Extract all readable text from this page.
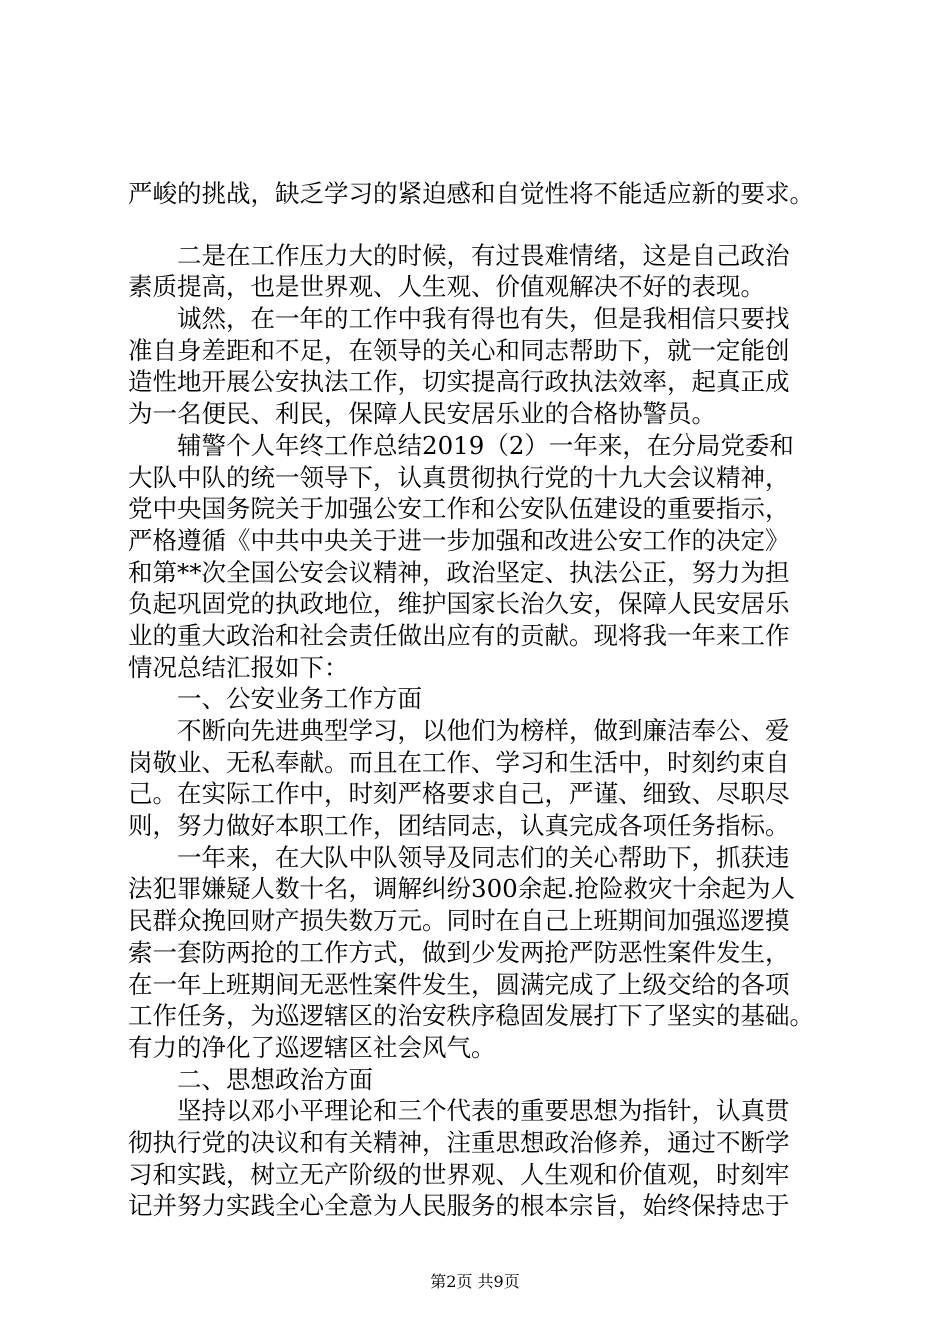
严峻的挑战，缺乏学习的紧迫感和自觉性将不能适应新的要求。
二是在工作压力大的时候，有过畏难情绪，这是自己政治
素质提高，也是世界观、人生观、价值观解决不好的表现。
诚然，在一年的工作中我有得也有失，但是我相信只要找
准自身差距和不足，在领导的关心和同志帮助下，就一定能创
造性地开展公安执法工作，切实提高行政执法效率，起真正成
为一名便民、利民，保障人民安居乐业的合格协警员。
辅警个人年终工作总结2019（2）一年来，在分局党委和
大队中队的统一领导下，认真贯彻执行党的十九大会议精神，
党中央国务院关于加强公安工作和公安队伍建设的重要指示，
严格遵循《中共中央关于进一步加强和改进公安工作的决定》
和第**次全国公安会议精神，政治坚定、执法公正，努力为担
负起巩固党的执政地位，维护国家长治久安，保障人民安居乐
业的重大政治和社会责任做出应有的贡献。现将我一年来工作
情况总结汇报如下：
一、公安业务工作方面
不断向先进典型学习，以他们为榜样，做到廉洁奉公、爱
岗敬业、无私奉献。而且在工作、学习和生活中，时刻约束自
己。在实际工作中，时刻严格要求自己，严谨、细致、尽职尽
则，努力做好本职工作，团结同志，认真完成各项任务指标。
一年来，在大队中队领导及同志们的关心帮助下，抓获违
法犯罪嫌疑人数十名，调解纠纷300余起.抢险救灾十余起为人
民群众挽回财产损失数万元。同时在自己上班期间加强巡逻摸
索一套防两抢的工作方式，做到少发两抢严防恶性案件发生，
在一年上班期间无恶性案件发生，圆满完成了上级交给的各项
工作任务，为巡逻辖区的治安秩序稳固发展打下了坚实的基础。
有力的净化了巡逻辖区社会风气。
二、思想政治方面
坚持以邓小平理论和三个代表的重要思想为指针，认真贯
彻执行党的决议和有关精神，注重思想政治修养，通过不断学
习和实践，树立无产阶级的世界观、人生观和价值观，时刻牢
记并努力实践全心全意为人民服务的根本宗旨，始终保持忠于
第2页 共9页
